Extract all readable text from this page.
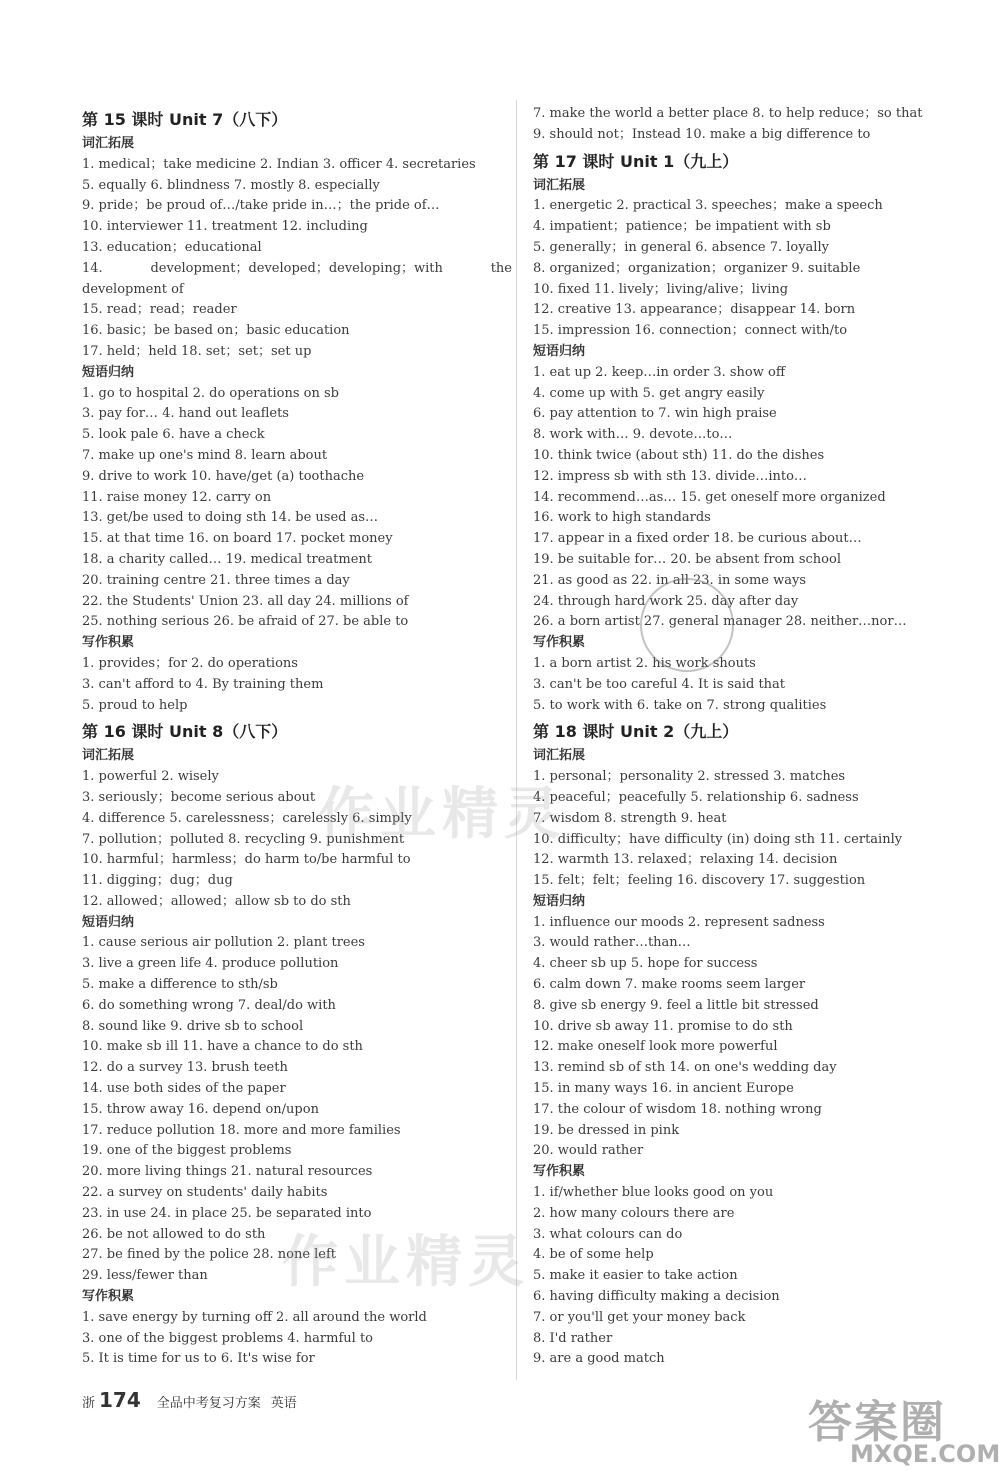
第 15 课时 Unit 7（八下）
词汇拓展
1. medical；take medicine 2. Indian 3. officer 4. secretaries
5. equally 6. blindness 7. mostly 8. especially
9. pride；be proud of…/take pride in…；the pride of…
10. interviewer 11. treatment 12. including
13. education；educational
14. development；developed；developing；with the development of
15. read；read；reader
16. basic；be based on；basic education
17. held；held 18. set；set；set up
短语归纳
1. go to hospital 2. do operations on sb
3. pay for… 4. hand out leaflets
5. look pale 6. have a check
7. make up one's mind 8. learn about
9. drive to work 10. have/get (a) toothache
11. raise money 12. carry on
13. get/be used to doing sth 14. be used as…
15. at that time 16. on board 17. pocket money
18. a charity called… 19. medical treatment
20. training centre 21. three times a day
22. the Students' Union 23. all day 24. millions of
25. nothing serious 26. be afraid of 27. be able to
写作积累
1. provides；for 2. do operations
3. can't afford to 4. By training them
5. proud to help
第 16 课时 Unit 8（八下）
词汇拓展
1. powerful 2. wisely
3. seriously；become serious about
4. difference 5. carelessness；carelessly 6. simply
7. pollution；polluted 8. recycling 9. punishment
10. harmful；harmless；do harm to/be harmful to
11. digging；dug；dug
12. allowed；allowed；allow sb to do sth
短语归纳
1. cause serious air pollution 2. plant trees
3. live a green life 4. produce pollution
5. make a difference to sth/sb
6. do something wrong 7. deal/do with
8. sound like 9. drive sb to school
10. make sb ill 11. have a chance to do sth
12. do a survey 13. brush teeth
14. use both sides of the paper
15. throw away 16. depend on/upon
17. reduce pollution 18. more and more families
19. one of the biggest problems
20. more living things 21. natural resources
22. a survey on students' daily habits
23. in use 24. in place 25. be separated into
26. be not allowed to do sth
27. be fined by the police 28. none left
29. less/fewer than
写作积累
1. save energy by turning off 2. all around the world
3. one of the biggest problems 4. harmful to
5. It is time for us to 6. It's wise for
7. make the world a better place 8. to help reduce；so that
9. should not；Instead 10. make a big difference to
第 17 课时 Unit 1（九上）
词汇拓展
1. energetic 2. practical 3. speeches；make a speech
4. impatient；patience；be impatient with sb
5. generally；in general 6. absence 7. loyally
8. organized；organization；organizer 9. suitable
10. fixed 11. lively；living/alive；living
12. creative 13. appearance；disappear 14. born
15. impression 16. connection；connect with/to
短语归纳
1. eat up 2. keep…in order 3. show off
4. come up with 5. get angry easily
6. pay attention to 7. win high praise
8. work with… 9. devote…to…
10. think twice (about sth) 11. do the dishes
12. impress sb with sth 13. divide…into…
14. recommend…as… 15. get oneself more organized
16. work to high standards
17. appear in a fixed order 18. be curious about…
19. be suitable for… 20. be absent from school
21. as good as 22. in all 23. in some ways
24. through hard work 25. day after day
26. a born artist 27. general manager 28. neither…nor…
写作积累
1. a born artist 2. his work shouts
3. can't be too careful 4. It is said that
5. to work with 6. take on 7. strong qualities
第 18 课时 Unit 2（九上）
词汇拓展
1. personal；personality 2. stressed 3. matches
4. peaceful；peacefully 5. relationship 6. sadness
7. wisdom 8. strength 9. heat
10. difficulty；have difficulty (in) doing sth 11. certainly
12. warmth 13. relaxed；relaxing 14. decision
15. felt；felt；feeling 16. discovery 17. suggestion
短语归纳
1. influence our moods 2. represent sadness
3. would rather…than…
4. cheer sb up 5. hope for success
6. calm down 7. make rooms seem larger
8. give sb energy 9. feel a little bit stressed
10. drive sb away 11. promise to do sth
12. make oneself look more powerful
13. remind sb of sth 14. on one's wedding day
15. in many ways 16. in ancient Europe
17. the colour of wisdom 18. nothing wrong
19. be dressed in pink
20. would rather
写作积累
1. if/whether blue looks good on you
2. how many colours there are
3. what colours can do
4. be of some help
5. make it easier to take action
6. having difficulty making a decision
7. or you'll get your money back
8. I'd rather
9. are a good match
作业精灵
作业精灵
答案圈
MXQE.COM
浙 174 全品中考复习方案 英语
